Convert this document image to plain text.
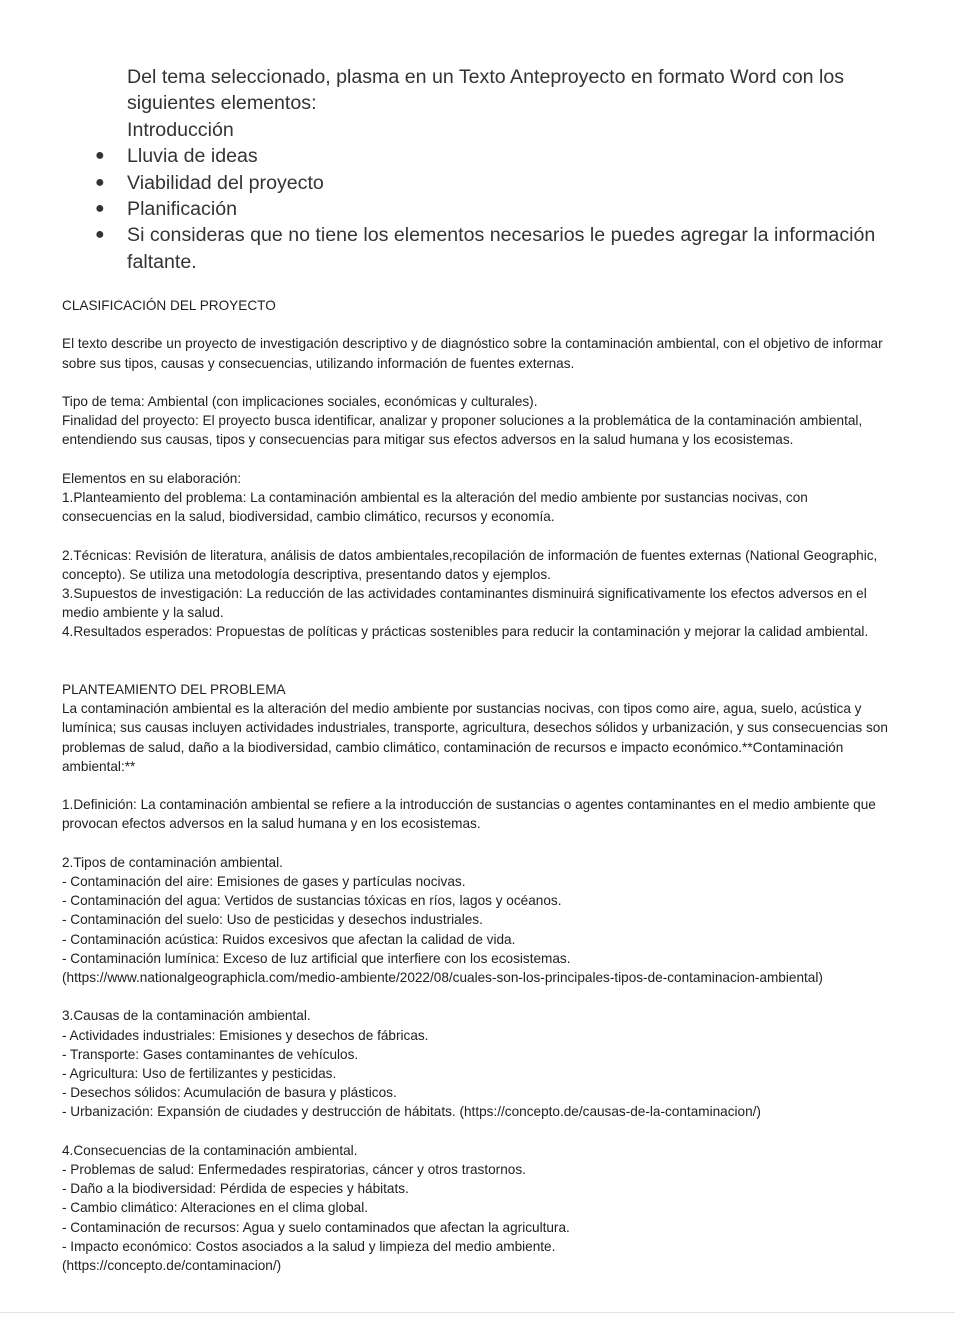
Del tema seleccionado, plasma en un Texto Anteproyecto en formato Word con los siguientes elementos:

Introducción

● Lluvia de ideas
● Viabilidad del proyecto
● Planificación
● Si consideras que no tiene los elementos necesarios le puedes agregar la información faltante.

CLASIFICACIÓN DEL PROYECTO

El texto describe un proyecto de investigación descriptivo y de diagnóstico sobre la contaminación ambiental, con el objetivo de informar sobre sus tipos, causas y consecuencias, utilizando información de fuentes externas.

Tipo de tema: Ambiental (con implicaciones sociales, económicas y culturales).

Finalidad del proyecto: El proyecto busca identificar, analizar y proponer soluciones a la problemática de la contaminación ambiental, entendiendo sus causas, tipos y consecuencias para mitigar sus efectos adversos en la salud humana y los ecosistemas.

Elementos en su elaboración:

1.Planteamiento del problema: La contaminación ambiental es la alteración del medio ambiente por sustancias nocivas, con consecuencias en la salud, biodiversidad, cambio climático, recursos y economía.

2.Técnicas: Revisión de literatura, análisis de datos ambientales,recopilación de información de fuentes externas (National Geographic, concepto). Se utiliza una metodología descriptiva, presentando datos y ejemplos.

3.Supuestos de investigación: La reducción de las actividades contaminantes disminuirá significativamente los efectos adversos en el medio ambiente y la salud.

4.Resultados esperados: Propuestas de políticas y prácticas sostenibles para reducir la contaminación y mejorar la calidad ambiental.

PLANTEAMIENTO DEL PROBLEMA

La contaminación ambiental es la alteración del medio ambiente por sustancias nocivas, con tipos como aire, agua, suelo, acústica y lumínica; sus causas incluyen actividades industriales, transporte, agricultura, desechos sólidos y urbanización, y sus consecuencias son problemas de salud, daño a la biodiversidad, cambio climático, contaminación de recursos e impacto económico.**Contaminación ambiental:**

1.Definición: La contaminación ambiental se refiere a la introducción de sustancias o agentes contaminantes en el medio ambiente que provocan efectos adversos en la salud humana y en los ecosistemas.

2.Tipos de contaminación ambiental.

- Contaminación del aire: Emisiones de gases y partículas nocivas.

- Contaminación del agua: Vertidos de sustancias tóxicas en ríos, lagos y océanos.

- Contaminación del suelo: Uso de pesticidas y desechos industriales.

- Contaminación acústica: Ruidos excesivos que afectan la calidad de vida.

- Contaminación lumínica: Exceso de luz artificial que interfiere con los ecosistemas.

(https://www.nationalgeographicla.com/medio-ambiente/2022/08/cuales-son-los-principales-tipos-de-contaminacion-ambiental)

3.Causas de la contaminación ambiental.

- Actividades industriales: Emisiones y desechos de fábricas.

- Transporte: Gases contaminantes de vehículos.

- Agricultura: Uso de fertilizantes y pesticidas.

- Desechos sólidos: Acumulación de basura y plásticos.

- Urbanización: Expansión de ciudades y destrucción de hábitats. (https://concepto.de/causas-de-la-contaminacion/)

4.Consecuencias de la contaminación ambiental.

- Problemas de salud: Enfermedades respiratorias, cáncer y otros trastornos.

- Daño a la biodiversidad: Pérdida de especies y hábitats.

- Cambio climático: Alteraciones en el clima global.

- Contaminación de recursos: Agua y suelo contaminados que afectan la agricultura.

- Impacto económico: Costos asociados a la salud y limpieza del medio ambiente.

(https://concepto.de/contaminacion/)
